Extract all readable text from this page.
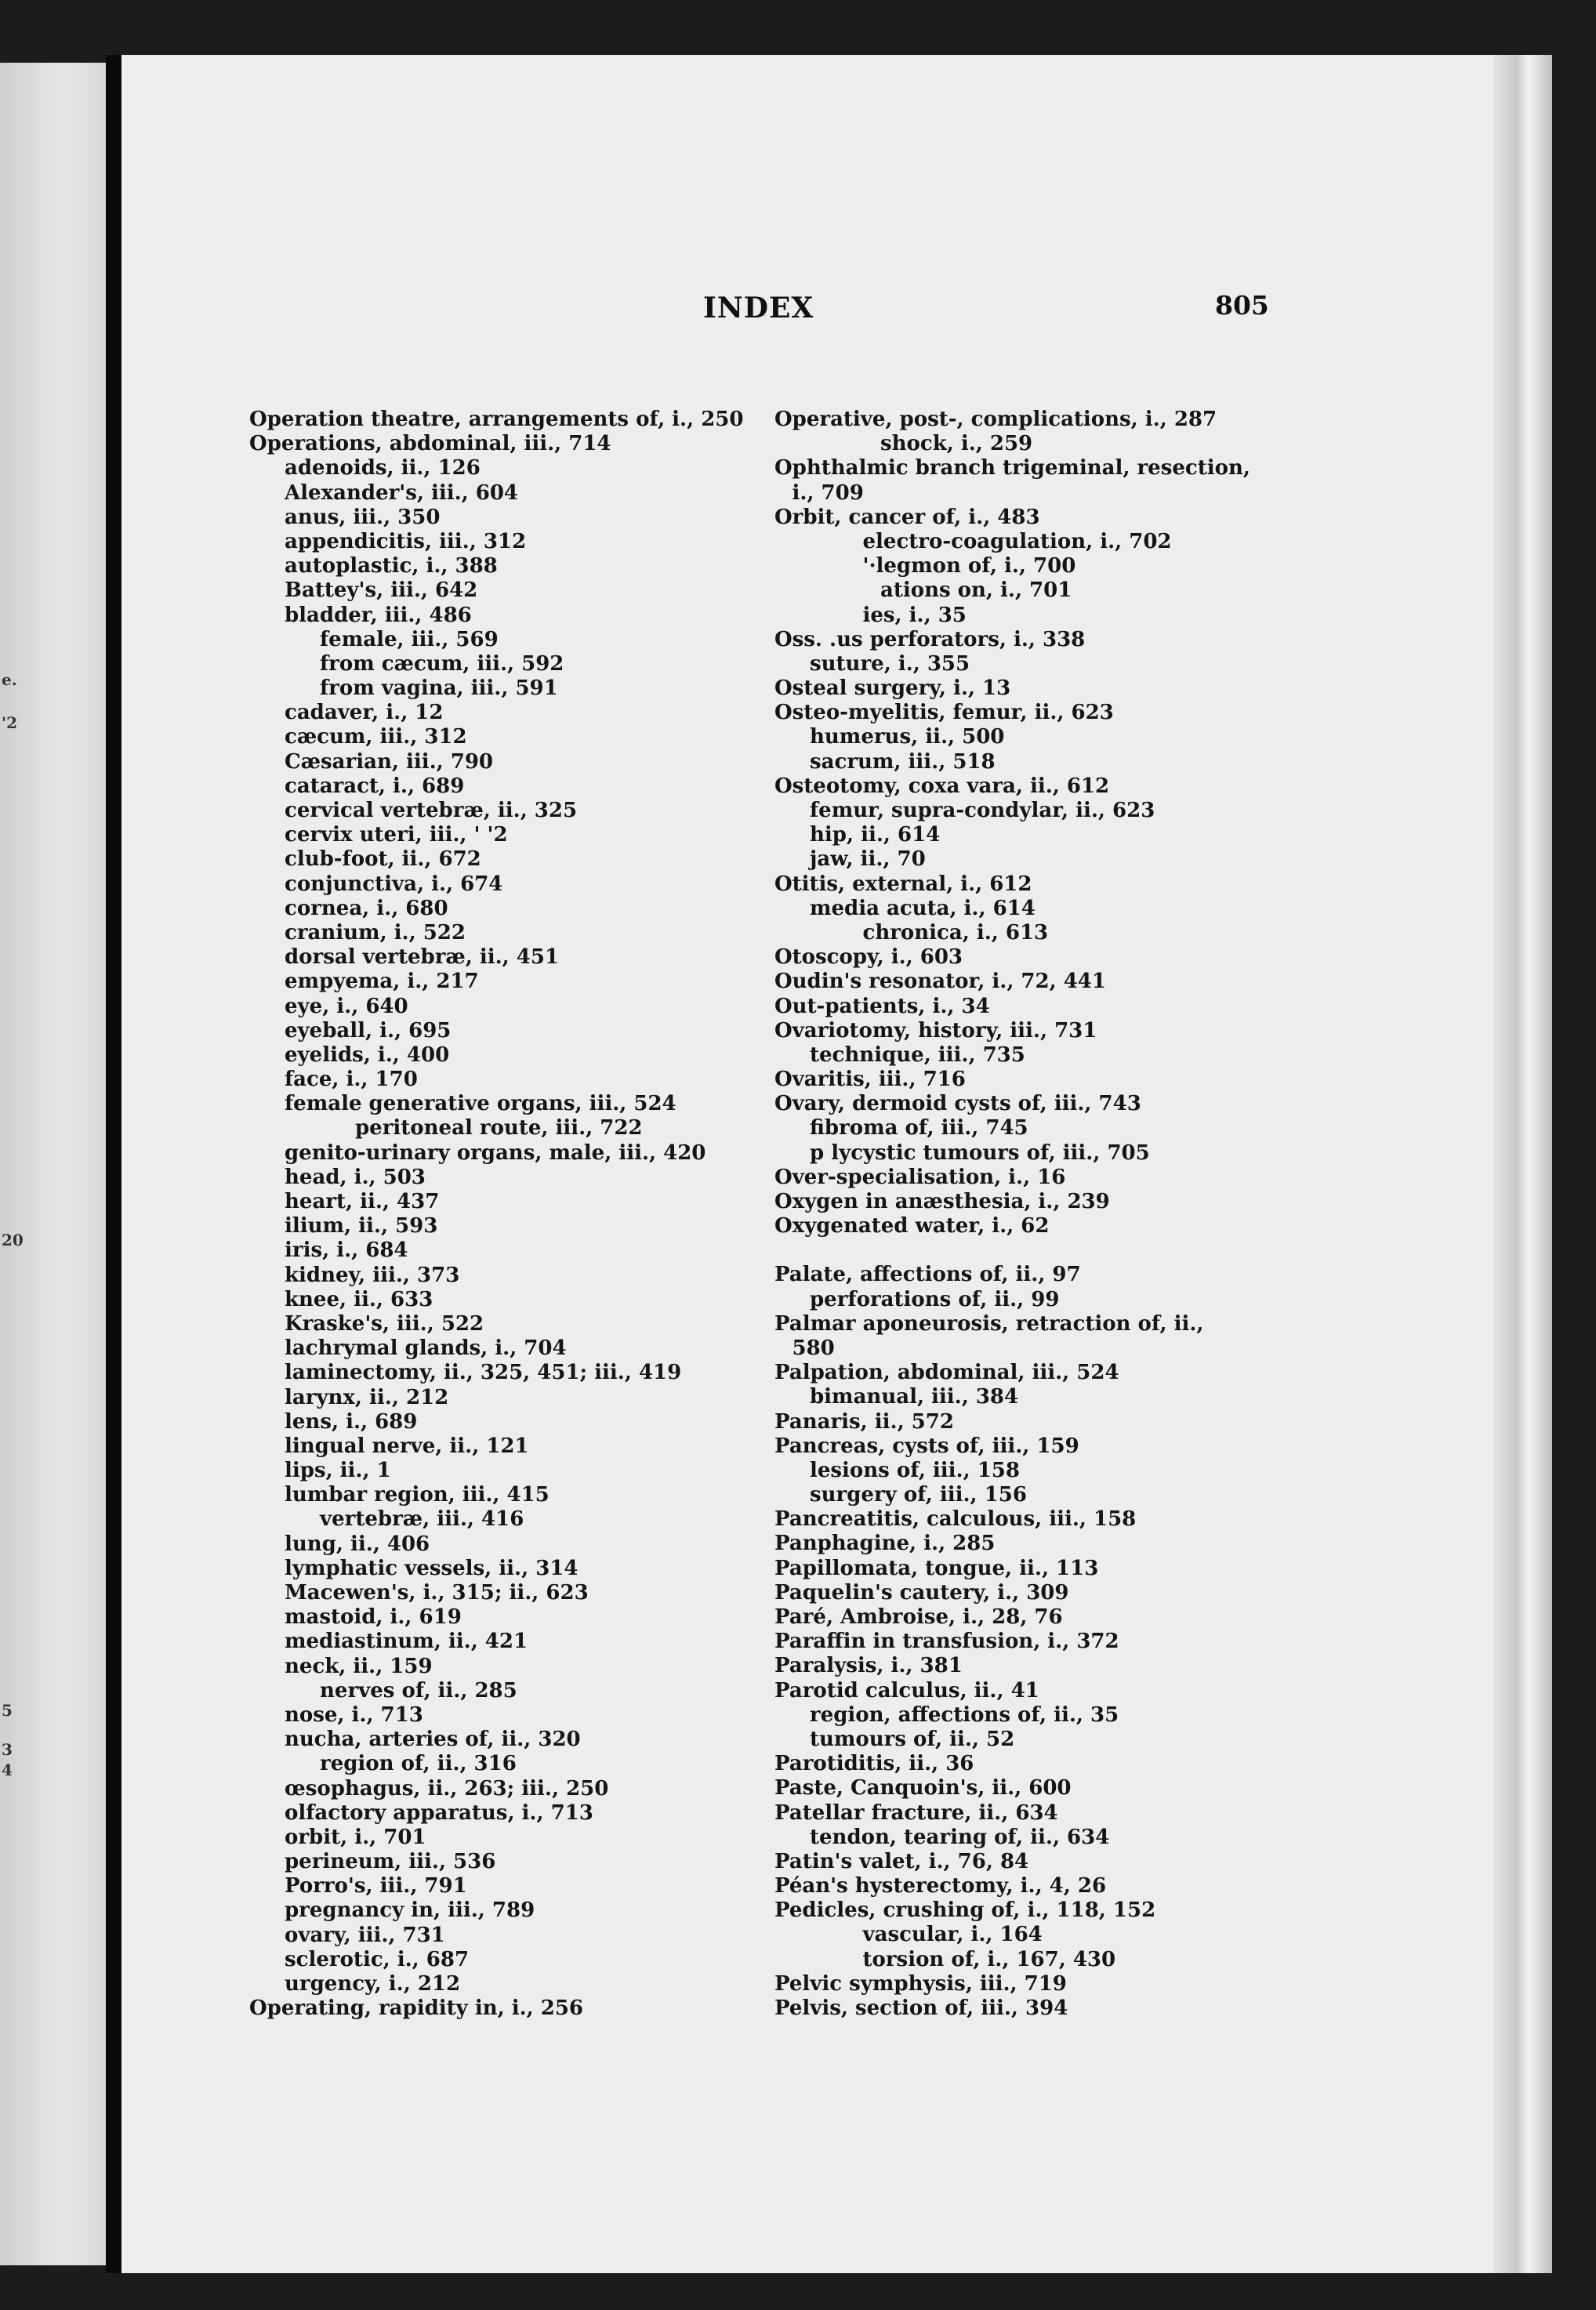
e.
'2
20
5
3
4
INDEX	805
Operation theatre, arrangements of, i., 250
Operations, abdominal, iii., 714
adenoids, ii., 126
Alexander's, iii., 604
anus, iii., 350
appendicitis, iii., 312
autoplastic, i., 388
Battey's, iii., 642
bladder, iii., 486
female, iii., 569
from cæcum, iii., 592
from vagina, iii., 591
cadaver, i., 12
cæcum, iii., 312
Cæsarian, iii., 790
cataract, i., 689
cervical vertebræ, ii., 325
cervix uteri, iii., ' '2
club-foot, ii., 672
conjunctiva, i., 674
cornea, i., 680
cranium, i., 522
dorsal vertebræ, ii., 451
empyema, i., 217
eye, i., 640
eyeball, i., 695
eyelids, i., 400
face, i., 170
female generative organs, iii., 524
peritoneal route, iii., 722
genito-urinary organs, male, iii., 420
head, i., 503
heart, ii., 437
ilium, ii., 593
iris, i., 684
kidney, iii., 373
knee, ii., 633
Kraske's, iii., 522
lachrymal glands, i., 704
laminectomy, ii., 325, 451; iii., 419
larynx, ii., 212
lens, i., 689
lingual nerve, ii., 121
lips, ii., 1
lumbar region, iii., 415
vertebræ, iii., 416
lung, ii., 406
lymphatic vessels, ii., 314
Macewen's, i., 315; ii., 623
mastoid, i., 619
mediastinum, ii., 421
neck, ii., 159
nerves of, ii., 285
nose, i., 713
nucha, arteries of, ii., 320
region of, ii., 316
œsophagus, ii., 263; iii., 250
olfactory apparatus, i., 713
orbit, i., 701
perineum, iii., 536
Porro's, iii., 791
pregnancy in, iii., 789
ovary, iii., 731
sclerotic, i., 687
urgency, i., 212
Operating, rapidity in, i., 256
Operative, post-, complications, i., 287
shock, i., 259
Ophthalmic branch trigeminal, resection,
i., 709
Orbit, cancer of, i., 483
electro-coagulation, i., 702
'·legmon of, i., 700
ations on, i., 701
ies, i., 35
Oss. .us perforators, i., 338
suture, i., 355
Osteal surgery, i., 13
Osteo-myelitis, femur, ii., 623
humerus, ii., 500
sacrum, iii., 518
Osteotomy, coxa vara, ii., 612
femur, supra-condylar, ii., 623
hip, ii., 614
jaw, ii., 70
Otitis, external, i., 612
media acuta, i., 614
chronica, i., 613
Otoscopy, i., 603
Oudin's resonator, i., 72, 441
Out-patients, i., 34
Ovariotomy, history, iii., 731
technique, iii., 735
Ovaritis, iii., 716
Ovary, dermoid cysts of, iii., 743
fibroma of, iii., 745
p lycystic tumours of, iii., 705
Over-specialisation, i., 16
Oxygen in anæsthesia, i., 239
Oxygenated water, i., 62
Palate, affections of, ii., 97
perforations of, ii., 99
Palmar aponeurosis, retraction of, ii.,
580
Palpation, abdominal, iii., 524
bimanual, iii., 384
Panaris, ii., 572
Pancreas, cysts of, iii., 159
lesions of, iii., 158
surgery of, iii., 156
Pancreatitis, calculous, iii., 158
Panphagine, i., 285
Papillomata, tongue, ii., 113
Paquelin's cautery, i., 309
Paré, Ambroise, i., 28, 76
Paraffin in transfusion, i., 372
Paralysis, i., 381
Parotid calculus, ii., 41
region, affections of, ii., 35
tumours of, ii., 52
Parotiditis, ii., 36
Paste, Canquoin's, ii., 600
Patellar fracture, ii., 634
tendon, tearing of, ii., 634
Patin's valet, i., 76, 84
Péan's hysterectomy, i., 4, 26
Pedicles, crushing of, i., 118, 152
vascular, i., 164
torsion of, i., 167, 430
Pelvic symphysis, iii., 719
Pelvis, section of, iii., 394
